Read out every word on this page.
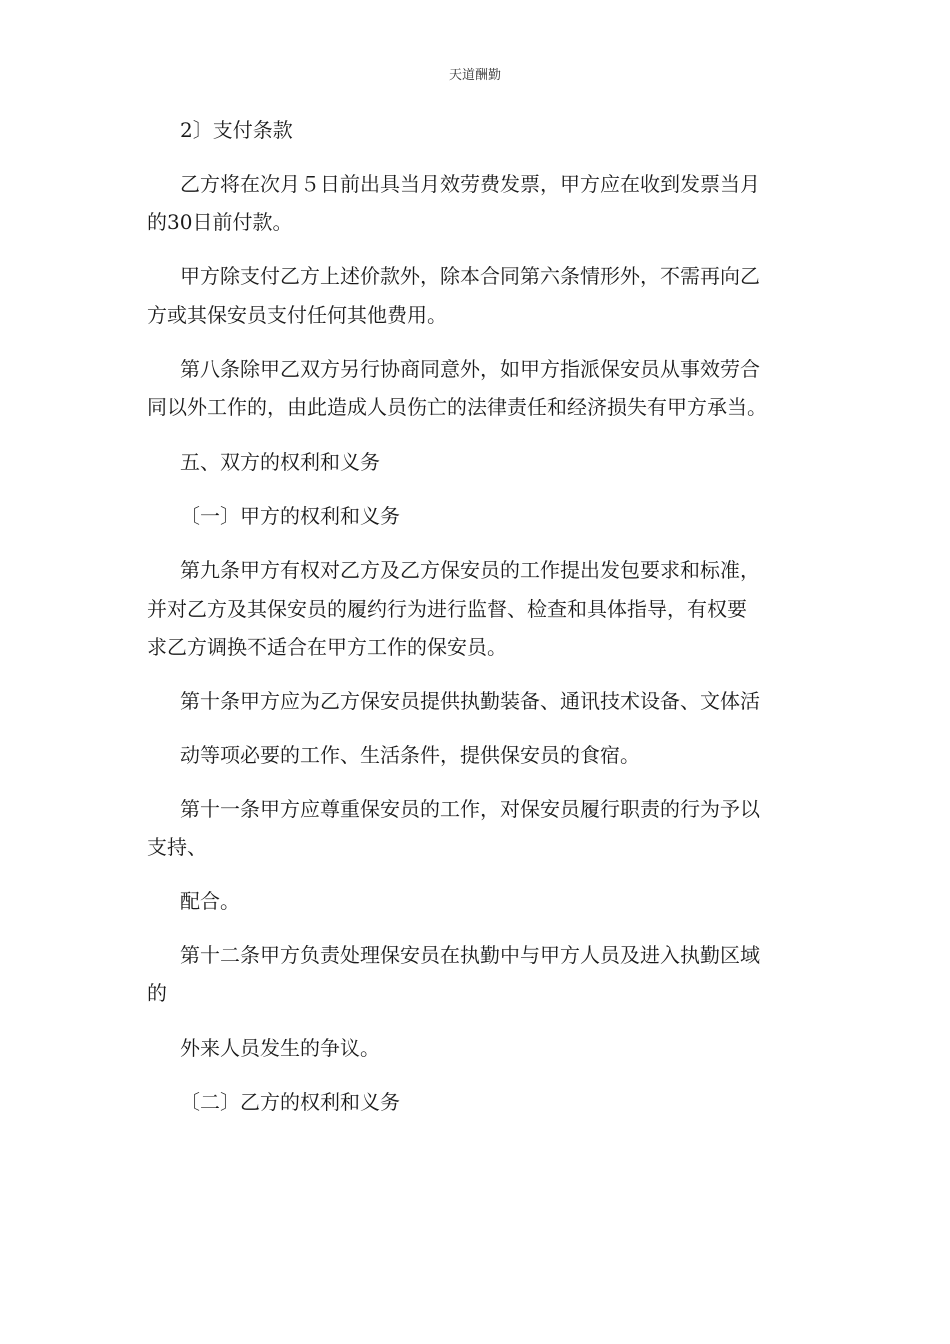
天道酬勤
2〕支付条款
乙方将在次月５日前出具当月效劳费发票，甲方应在收到发票当月
的30日前付款。
甲方除支付乙方上述价款外，除本合同第六条情形外，不需再向乙
方或其保安员支付任何其他费用。
第八条除甲乙双方另行协商同意外，如甲方指派保安员从事效劳合
同以外工作的，由此造成人员伤亡的法律责任和经济损失有甲方承当。
五、双方的权利和义务
〔一〕甲方的权利和义务
第九条甲方有权对乙方及乙方保安员的工作提出发包要求和标准，
并对乙方及其保安员的履约行为进行监督、检查和具体指导，有权要
求乙方调换不适合在甲方工作的保安员。
第十条甲方应为乙方保安员提供执勤装备、通讯技术设备、文体活
动等项必要的工作、生活条件，提供保安员的食宿。
第十一条甲方应尊重保安员的工作，对保安员履行职责的行为予以
支持、
配合。
第十二条甲方负责处理保安员在执勤中与甲方人员及进入执勤区域
的
外来人员发生的争议。
〔二〕乙方的权利和义务
